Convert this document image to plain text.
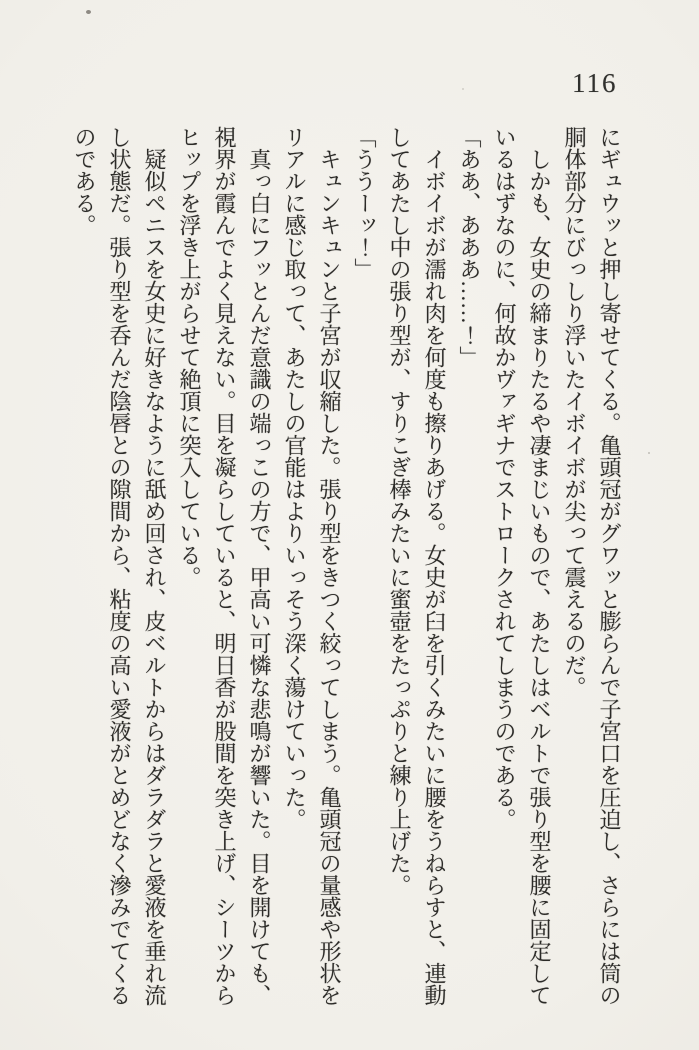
116
にギュウッと押し寄せてくる。亀頭冠がグワッと膨らんで子宮口を圧迫し、さらには筒の
胴体部分にびっしり浮いたイボイボが尖って震えるのだ。
　しかも、女史の締まりたるや凄まじいもので、あたしはベルトで張り型を腰に固定して
いるはずなのに、何故かヴァギナでストロークされてしまうのである。
「ああ、あああ……！」
　イボイボが濡れ肉を何度も擦りあげる。女史が臼を引くみたいに腰をうねらすと、連動
してあたし中の張り型が、すりこぎ棒みたいに蜜壺をたっぷりと練り上げた。
「ううーッ！」
　キュンキュンと子宮が収縮した。張り型をきつく絞ってしまう。亀頭冠の量感や形状を
リアルに感じ取って、あたしの官能はよりいっそう深く蕩けていった。
　真っ白にフッとんだ意識の端っこの方で、甲高い可憐な悲鳴が響いた。目を開けても、
視界が霞んでよく見えない。目を凝らしていると、明日香が股間を突き上げ、シーツから
ヒップを浮き上がらせて絶頂に突入している。
　疑似ペニスを女史に好きなように舐め回され、皮ベルトからはダラダラと愛液を垂れ流
し状態だ。張り型を呑んだ陰唇との隙間から、粘度の高い愛液がとめどなく滲みでてくる
のである。
